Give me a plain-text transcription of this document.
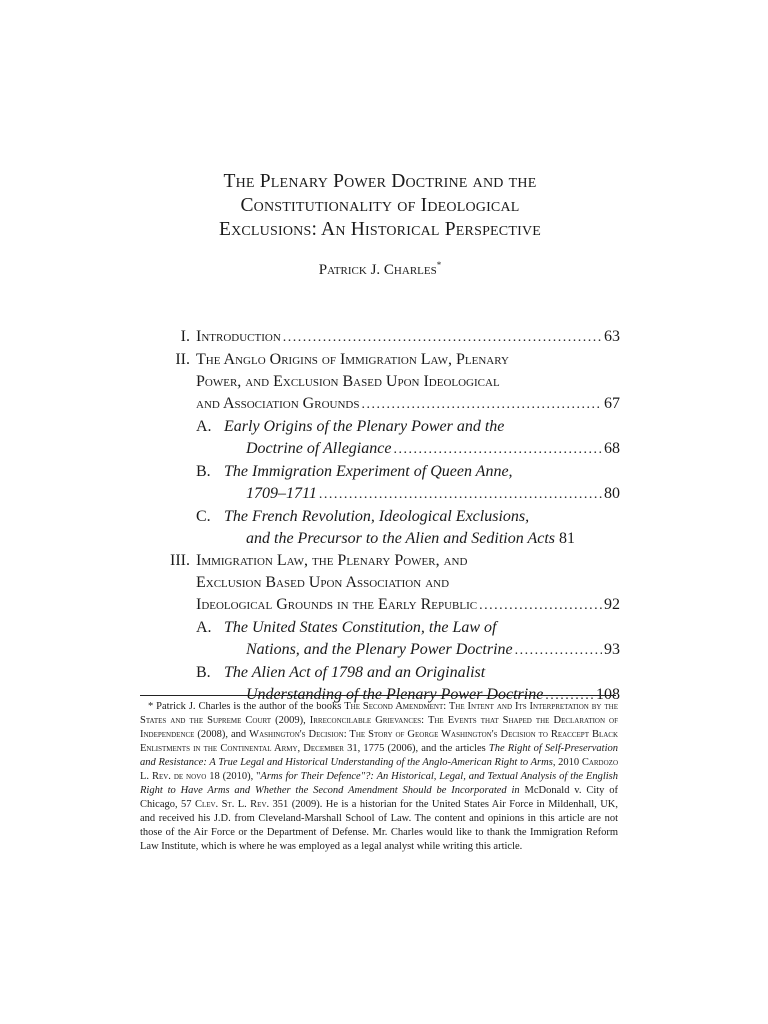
The Plenary Power Doctrine and the
Constitutionality of Ideological
Exclusions: An Historical Perspective
Patrick J. Charles*
I. Introduction .....	63
II. The Anglo Origins of Immigration Law, Plenary
Power, and Exclusion Based Upon Ideological
and Association Grounds .....	67
A. Early Origins of the Plenary Power and the
Doctrine of Allegiance .....	68
B. The Immigration Experiment of Queen Anne,
1709–1711 .....	80
C. The French Revolution, Ideological Exclusions,
and the Precursor to the Alien and Sedition Acts 81
III. Immigration Law, the Plenary Power, and
Exclusion Based Upon Association and
Ideological Grounds in the Early Republic .....	92
A. The United States Constitution, the Law of
Nations, and the Plenary Power Doctrine .....	93
B. The Alien Act of 1798 and an Originalist
Understanding of the Plenary Power Doctrine .....	108

* Patrick J. Charles is the author of the books The Second Amendment: The Intent and Its Interpretation by the States and the Supreme Court (2009), Irreconcilable Grievances: The Events that Shaped the Declaration of Independence (2008), and Washington's Decision: The Story of George Washington's Decision to Reaccept Black Enlistments in the Continental Army, December 31, 1775 (2006), and the articles The Right of Self-Preservation and Resistance: A True Legal and Historical Understanding of the Anglo-American Right to Arms, 2010 Cardozo L. Rev. de novo 18 (2010), "Arms for Their Defence"?: An Historical, Legal, and Textual Analysis of the English Right to Have Arms and Whether the Second Amendment Should be Incorporated in McDonald v. City of Chicago, 57 Clev. St. L. Rev. 351 (2009). He is a historian for the United States Air Force in Mildenhall, UK, and received his J.D. from Cleveland-Marshall School of Law. The content and opinions in this article are not those of the Air Force or the Department of Defense. Mr. Charles would like to thank the Immigration Reform Law Institute, which is where he was employed as a legal analyst while writing this article.
